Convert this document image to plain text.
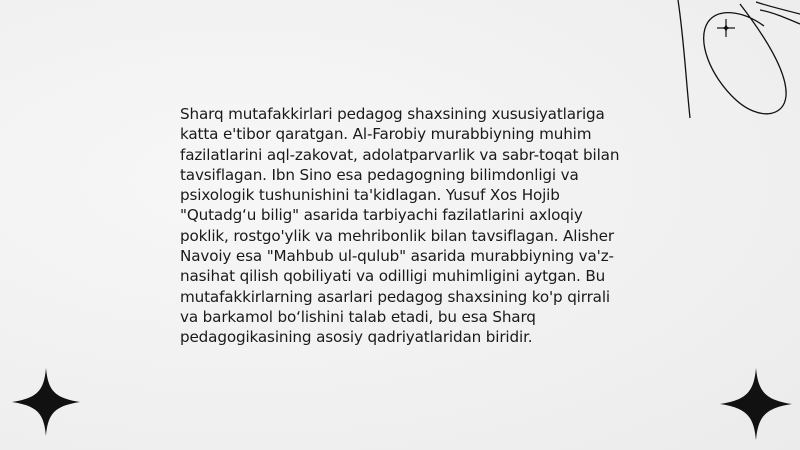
Sharq mutafakkirlari pedagog shaxsining xususiyatlariga katta e'tibor qaratgan. Al-Farobiy murabbiyning muhim fazilatlarini aql-zakovat, adolatparvarlik va sabr-toqat bilan tavsiflagan. Ibn Sino esa pedagogning bilimdonligi va psixologik tushunishini ta'kidlagan. Yusuf Xos Hojib "Qutadg‘u bilig" asarida tarbiyachi fazilatlarini axloqiy poklik, rostgo'ylik va mehribonlik bilan tavsiflagan. Alisher Navoiy esa "Mahbub ul-qulub" asarida murabbiyning va'z-nasihat qilish qobiliyati va odilligi muhimligini aytgan. Bu mutafakkirlarning asarlari pedagog shaxsining ko'p qirrali va barkamol bo‘lishini talab etadi, bu esa Sharq pedagogikasining asosiy qadriyatlaridan biridir.
